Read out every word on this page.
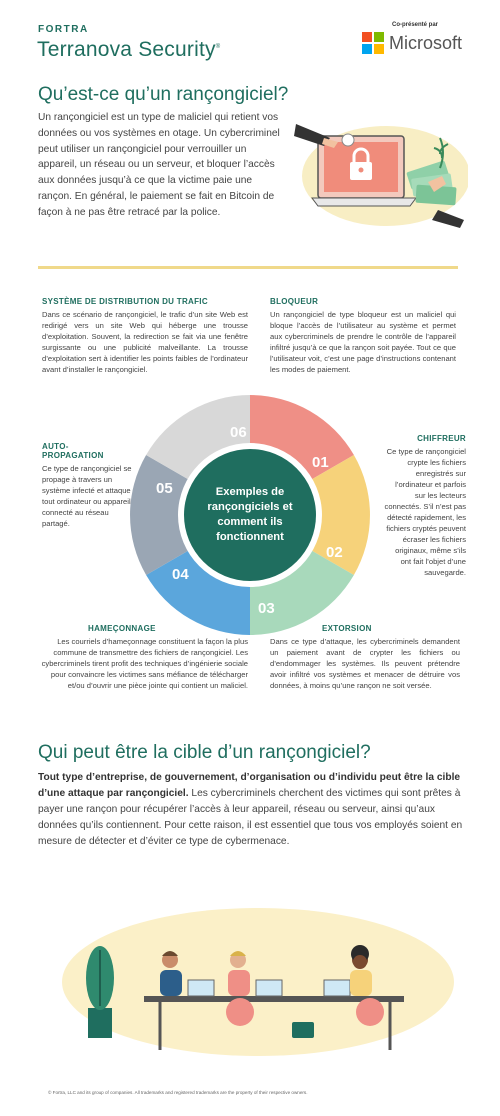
FORTRA
Terranova Security®
Co-présenté par
Microsoft
Qu’est-ce qu’un rançongiciel?
Un rançongiciel est un type de maliciel qui retient vos données ou vos systèmes en otage. Un cybercriminel peut utiliser un rançongiciel pour verrouiller un appareil, un réseau ou un serveur, et bloquer l’accès aux données jusqu’à ce que la victime paie une rançon. En général, le paiement se fait en Bitcoin de façon à ne pas être retracé par la police.
SYSTÈME DE DISTRIBUTION DU TRAFIC
Dans ce scénario de rançongiciel, le trafic d’un site Web est redirigé vers un site Web qui héberge une trousse d’exploitation. Souvent, la redirection se fait via une fenêtre surgissante ou une publicité malveillante. La trousse d’exploitation sert à identifier les points faibles de l’ordinateur avant d’installer le rançongiciel.
BLOQUEUR
Un rançongiciel de type bloqueur est un maliciel qui bloque l’accès de l’utilisateur au système et permet aux cybercriminels de prendre le contrôle de l’appareil infiltré jusqu’à ce que la rançon soit payée. Tout ce que l’utilisateur voit, c’est une page d’instructions contenant les modes de paiement.
AUTO-
PROPAGATION
Ce type de rançongiciel se propage à travers un système infecté et attaque tout ordinateur ou appareil connecté au réseau partagé.
CHIFFREUR
Ce type de rançongiciel crypte les fichiers enregistrés sur l’ordinateur et parfois sur les lecteurs connectés. S’il n’est pas détecté rapidement, les fichiers cryptés peuvent écraser les fichiers originaux, même s’ils ont fait l’objet d’une sauvegarde.
HAMEÇONNAGE
Les courriels d’hameçonnage constituent la façon la plus commune de transmettre des fichiers de rançongiciel. Les cybercriminels tirent profit des techniques d’ingénierie sociale pour convaincre les victimes sans méfiance de télécharger et/ou d’ouvrir une pièce jointe qui contient un maliciel.
EXTORSION
Dans ce type d’attaque, les cybercriminels demandent un paiement avant de crypter les fichiers ou d’endommager les systèmes. Ils peuvent prétendre avoir infiltré vos systèmes et menacer de détruire vos données, à moins qu’une rançon ne soit versée.
01
02
03
04
05
06
Exemples de rançongiciels et comment ils fonctionnent
Qui peut être la cible d’un rançongiciel?
Tout type d’entreprise, de gouvernement, d’organisation ou d’individu peut être la cible d’une attaque par rançongiciel. Les cybercriminels cherchent des victimes qui sont prêtes à payer une rançon pour récupérer l’accès à leur appareil, réseau ou serveur, ainsi qu’aux données qu’ils contiennent. Pour cette raison, il est essentiel que tous vos employés soient en mesure de détecter et d’éviter ce type de cybermenace.
© Fortra, LLC and its group of companies. All trademarks and registered trademarks are the property of their respective owners.
